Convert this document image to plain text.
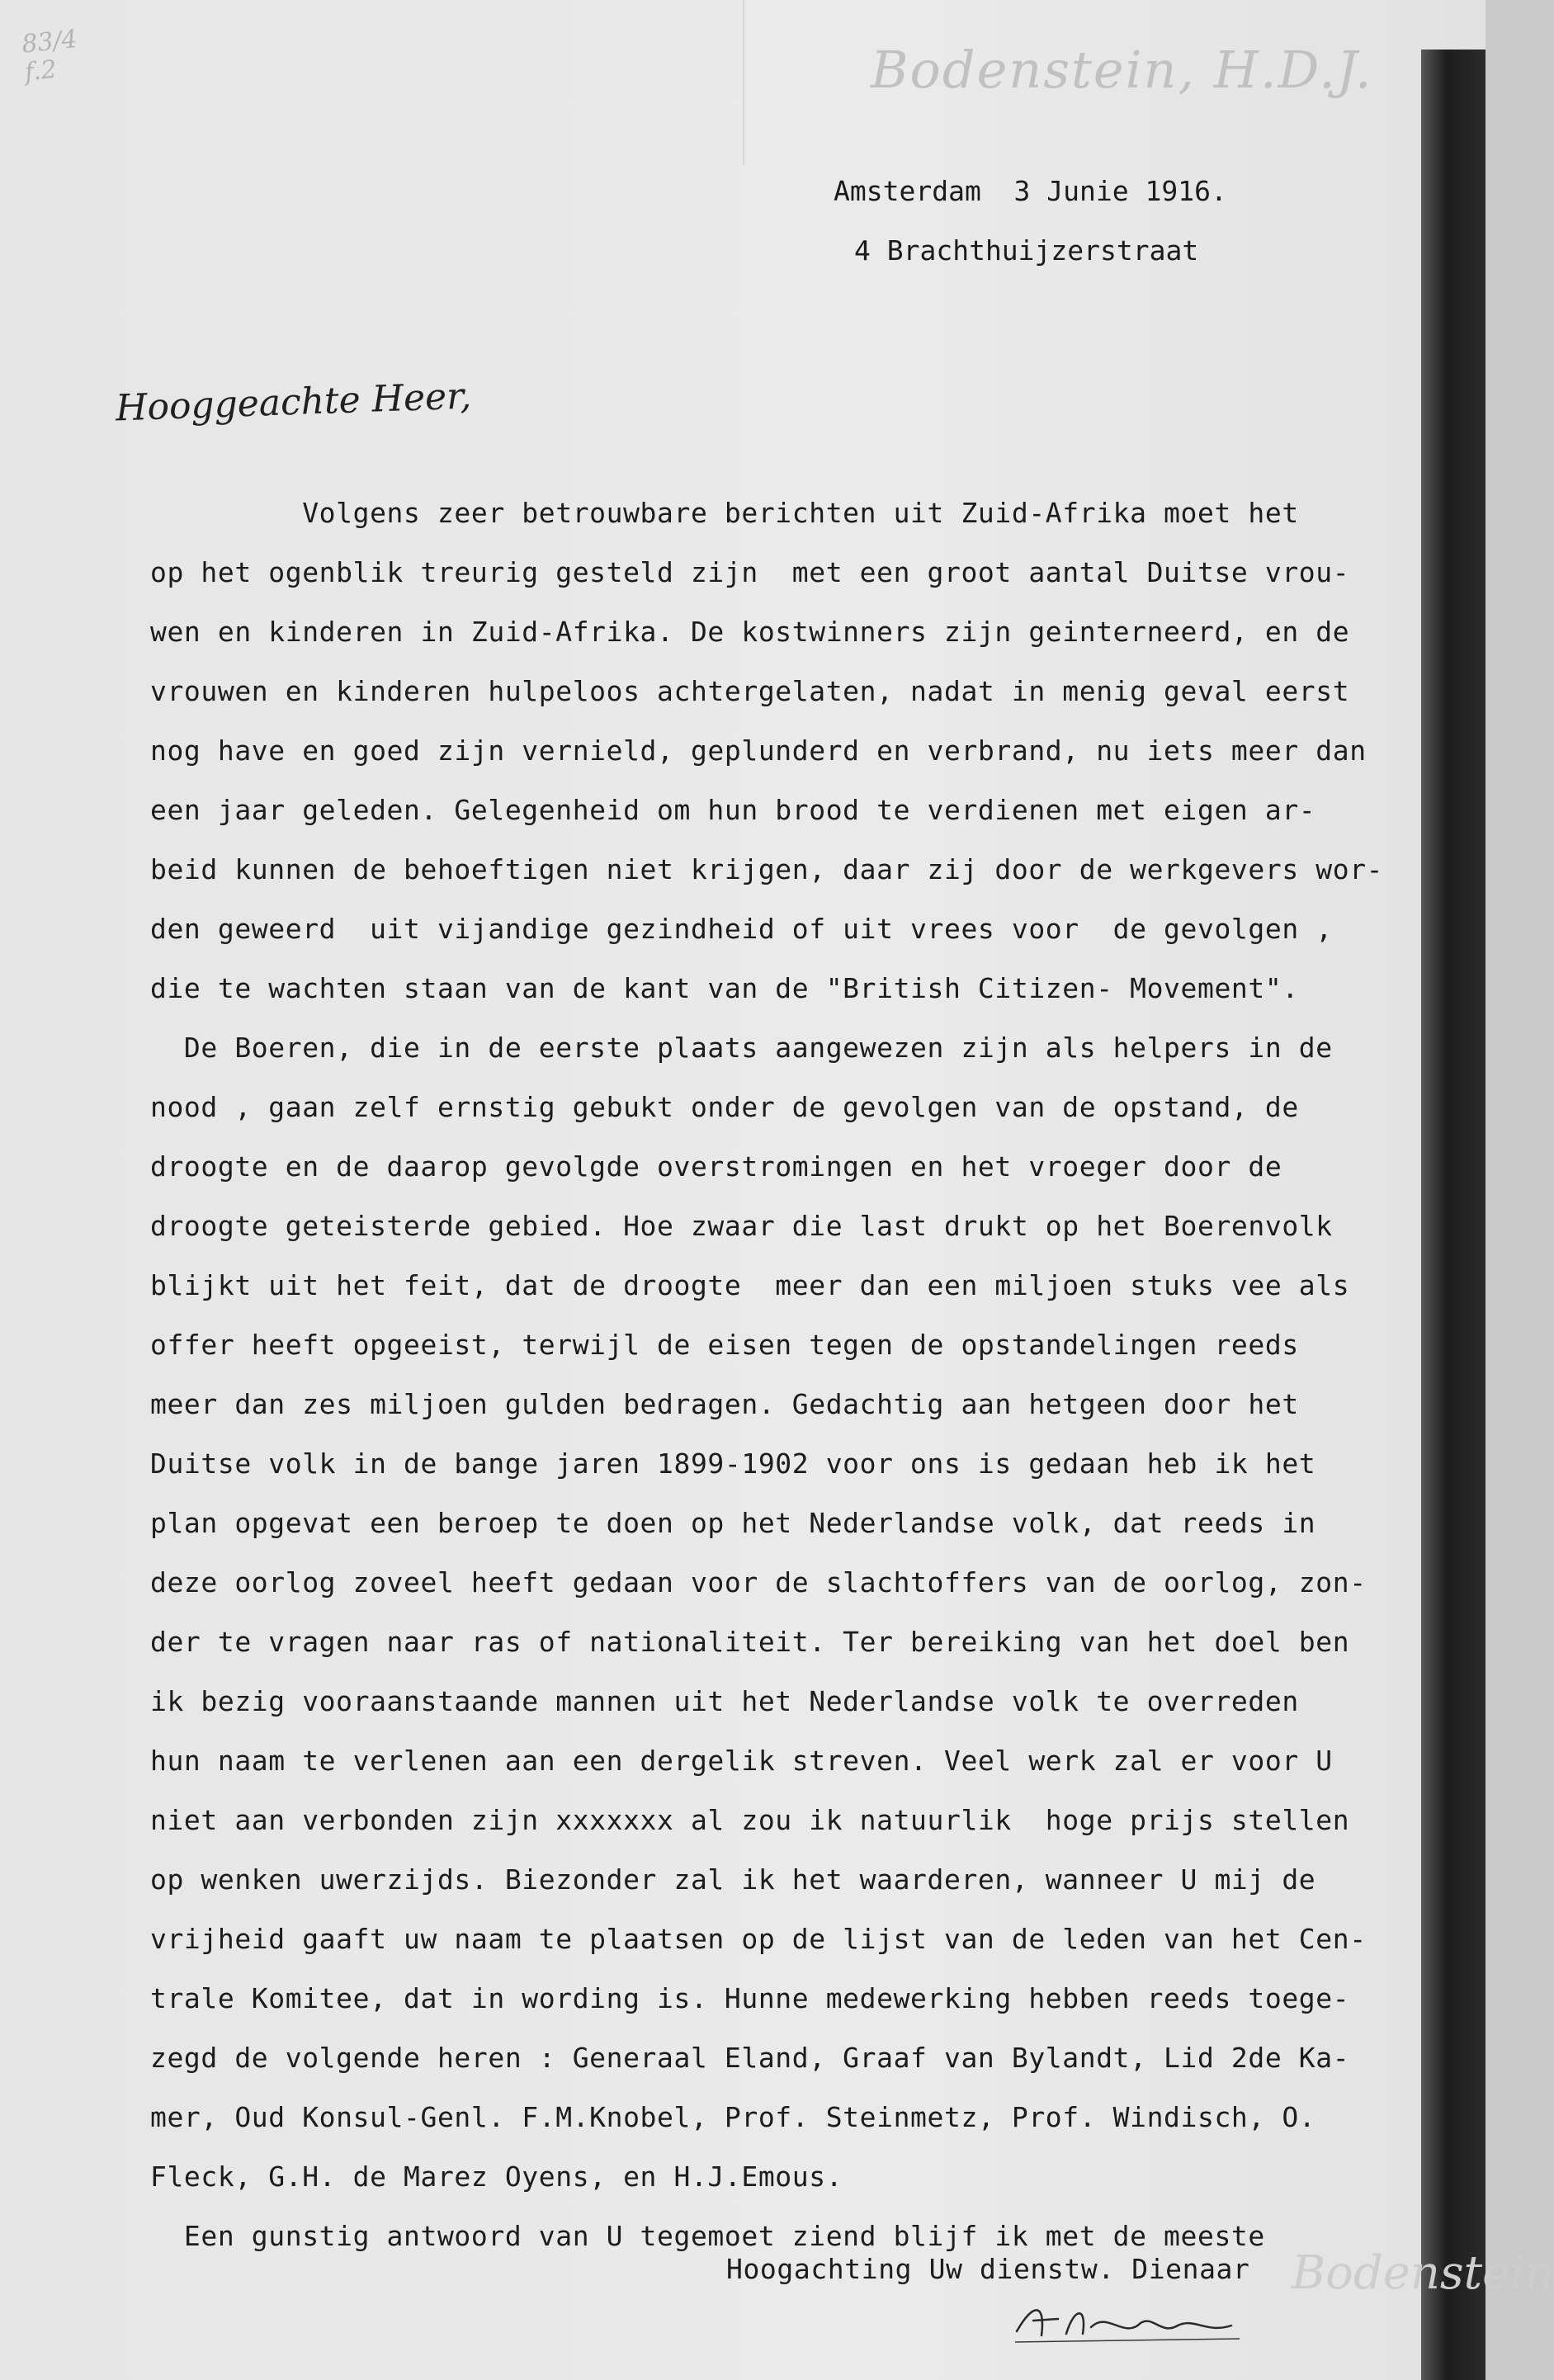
83/4 f.2	Bodenstein, H.D.J.
Bodenstein
Amsterdam  3 Junie 1916.
4 Brachthuijzerstraat
Hooggeachte Heer,
Volgens zeer betrouwbare berichten uit Zuid-Afrika moet het
op het ogenblik treurig gesteld zijn  met een groot aantal Duitse vrou-
wen en kinderen in Zuid-Afrika. De kostwinners zijn geinterneerd, en de
vrouwen en kinderen hulpeloos achtergelaten, nadat in menig geval eerst
nog have en goed zijn vernield, geplunderd en verbrand, nu iets meer dan
een jaar geleden. Gelegenheid om hun brood te verdienen met eigen ar-
beid kunnen de behoeftigen niet krijgen, daar zij door de werkgevers wor-
den geweerd  uit vijandige gezindheid of uit vrees voor  de gevolgen ,
die te wachten staan van de kant van de "British Citizen- Movement".
De Boeren, die in de eerste plaats aangewezen zijn als helpers in de
nood , gaan zelf ernstig gebukt onder de gevolgen van de opstand, de
droogte en de daarop gevolgde overstromingen en het vroeger door de
droogte geteisterde gebied. Hoe zwaar die last drukt op het Boerenvolk
blijkt uit het feit, dat de droogte  meer dan een miljoen stuks vee als
offer heeft opgeeist, terwijl de eisen tegen de opstandelingen reeds
meer dan zes miljoen gulden bedragen. Gedachtig aan hetgeen door het
Duitse volk in de bange jaren 1899-1902 voor ons is gedaan heb ik het
plan opgevat een beroep te doen op het Nederlandse volk, dat reeds in
deze oorlog zoveel heeft gedaan voor de slachtoffers van de oorlog, zon-
der te vragen naar ras of nationaliteit. Ter bereiking van het doel ben
ik bezig vooraanstaande mannen uit het Nederlandse volk te overreden
hun naam te verlenen aan een dergelik streven. Veel werk zal er voor U
niet aan verbonden zijn xxxxxxx al zou ik natuurlik  hoge prijs stellen
op wenken uwerzijds. Biezonder zal ik het waarderen, wanneer U mij de
vrijheid gaaft uw naam te plaatsen op de lijst van de leden van het Cen-
trale Komitee, dat in wording is. Hunne medewerking hebben reeds toege-
zegd de volgende heren : Generaal Eland, Graaf van Bylandt, Lid 2de Ka-
mer, Oud Konsul-Genl. F.M.Knobel, Prof. Steinmetz, Prof. Windisch, O.
Fleck, G.H. de Marez Oyens, en H.J.Emous.
Een gunstig antwoord van U tegemoet ziend blijf ik met de meeste
Hoogachting Uw dienstw. Dienaar
